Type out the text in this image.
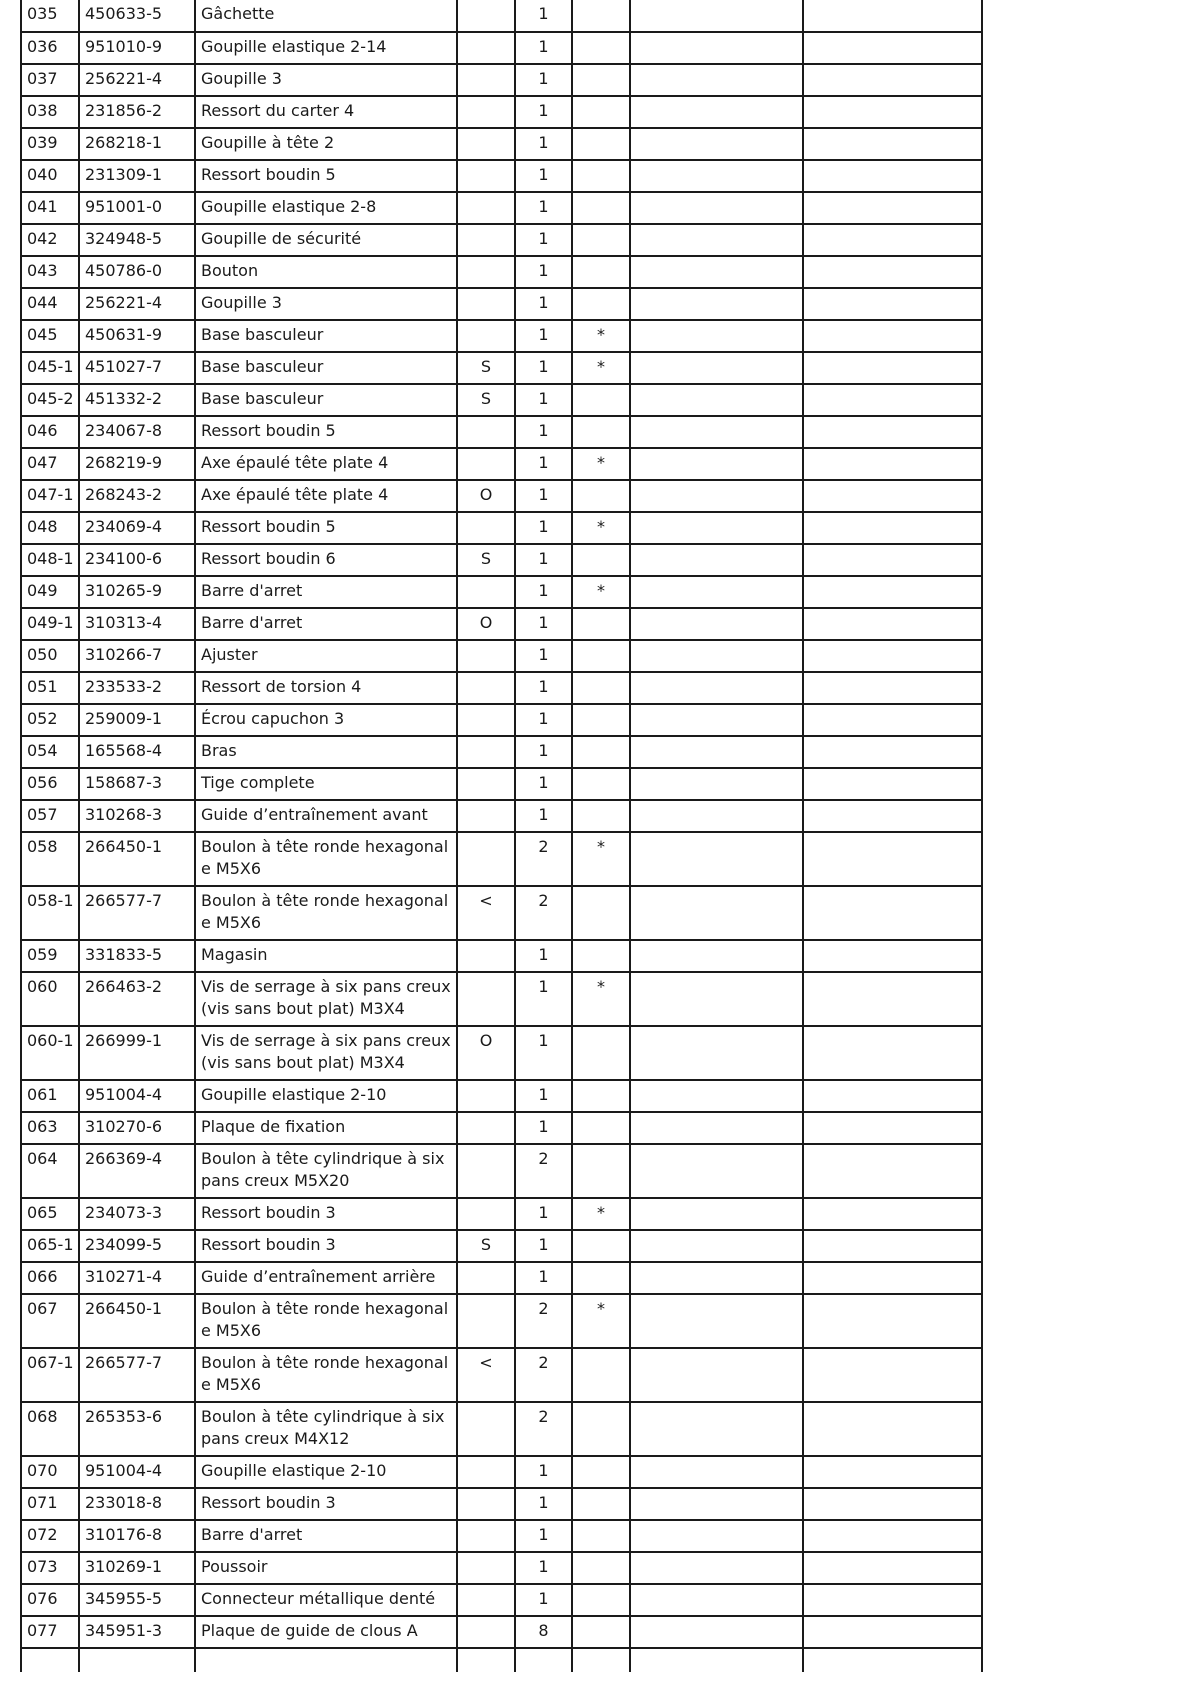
035	450633-5	Gâchette		1			
036	951010-9	Goupille elastique 2-14		1			
037	256221-4	Goupille 3		1			
038	231856-2	Ressort du carter 4		1			
039	268218-1	Goupille à tête 2		1			
040	231309-1	Ressort boudin 5		1			
041	951001-0	Goupille elastique 2-8		1			
042	324948-5	Goupille de sécurité		1			
043	450786-0	Bouton		1			
044	256221-4	Goupille 3		1			
045	450631-9	Base basculeur		1	*		
045-1	451027-7	Base basculeur	S	1	*		
045-2	451332-2	Base basculeur	S	1			
046	234067-8	Ressort boudin 5		1			
047	268219-9	Axe épaulé tête plate 4		1	*		
047-1	268243-2	Axe épaulé tête plate 4	O	1			
048	234069-4	Ressort boudin 5		1	*		
048-1	234100-6	Ressort boudin 6	S	1			
049	310265-9	Barre d'arret		1	*		
049-1	310313-4	Barre d'arret	O	1			
050	310266-7	Ajuster		1			
051	233533-2	Ressort de torsion 4		1			
052	259009-1	Écrou capuchon 3		1			
054	165568-4	Bras		1			
056	158687-3	Tige complete		1			
057	310268-3	Guide d’entraînement avant		1			
058	266450-1	Boulon à tête ronde hexagonale M5X6		2	*		
058-1	266577-7	Boulon à tête ronde hexagonale M5X6	<	2			
059	331833-5	Magasin		1			
060	266463-2	Vis de serrage à six pans creux (vis sans bout plat) M3X4		1	*		
060-1	266999-1	Vis de serrage à six pans creux (vis sans bout plat) M3X4	O	1			
061	951004-4	Goupille elastique 2-10		1			
063	310270-6	Plaque de fixation		1			
064	266369-4	Boulon à tête cylindrique à six pans creux M5X20		2			
065	234073-3	Ressort boudin 3		1	*		
065-1	234099-5	Ressort boudin 3	S	1			
066	310271-4	Guide d’entraînement arrière		1			
067	266450-1	Boulon à tête ronde hexagonale M5X6		2	*		
067-1	266577-7	Boulon à tête ronde hexagonale M5X6	<	2			
068	265353-6	Boulon à tête cylindrique à six pans creux M4X12		2			
070	951004-4	Goupille elastique 2-10		1			
071	233018-8	Ressort boudin 3		1			
072	310176-8	Barre d'arret		1			
073	310269-1	Poussoir		1			
076	345955-5	Connecteur métallique denté		1			
077	345951-3	Plaque de guide de clous A		8			
